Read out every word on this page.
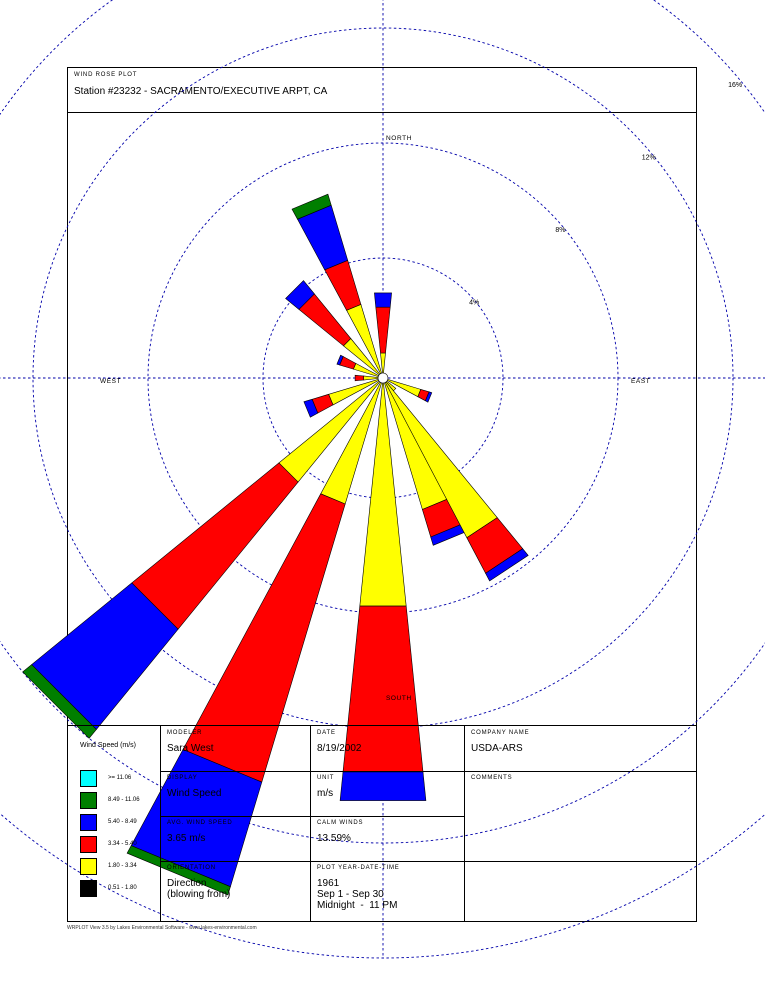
WIND ROSE PLOT
Station #23232 - SACRAMENTO/EXECUTIVE ARPT, CA
4%
8%
12%
16%
NORTH
SOUTH
EAST
WEST
Wind Speed (m/s)
>= 11.06
8.49 - 11.06
5.40 - 8.49
3.34 - 5.40
1.80 - 3.34
0.51 - 1.80
MODELER
Sara West
DATE
8/19/2002
COMPANY NAME
USDA-ARS
DISPLAY
Wind Speed
UNIT
m/s
COMMENTS
AVG. WIND SPEED
3.65 m/s
CALM WINDS
13.59%
ORIENTATION
Direction
(blowing from)
PLOT YEAR-DATE-TIME
1961
Sep 1 - Sep 30
Midnight  -  11 PM
WRPLOT View 3.5 by Lakes Environmental Software - www.lakes-environmental.com
